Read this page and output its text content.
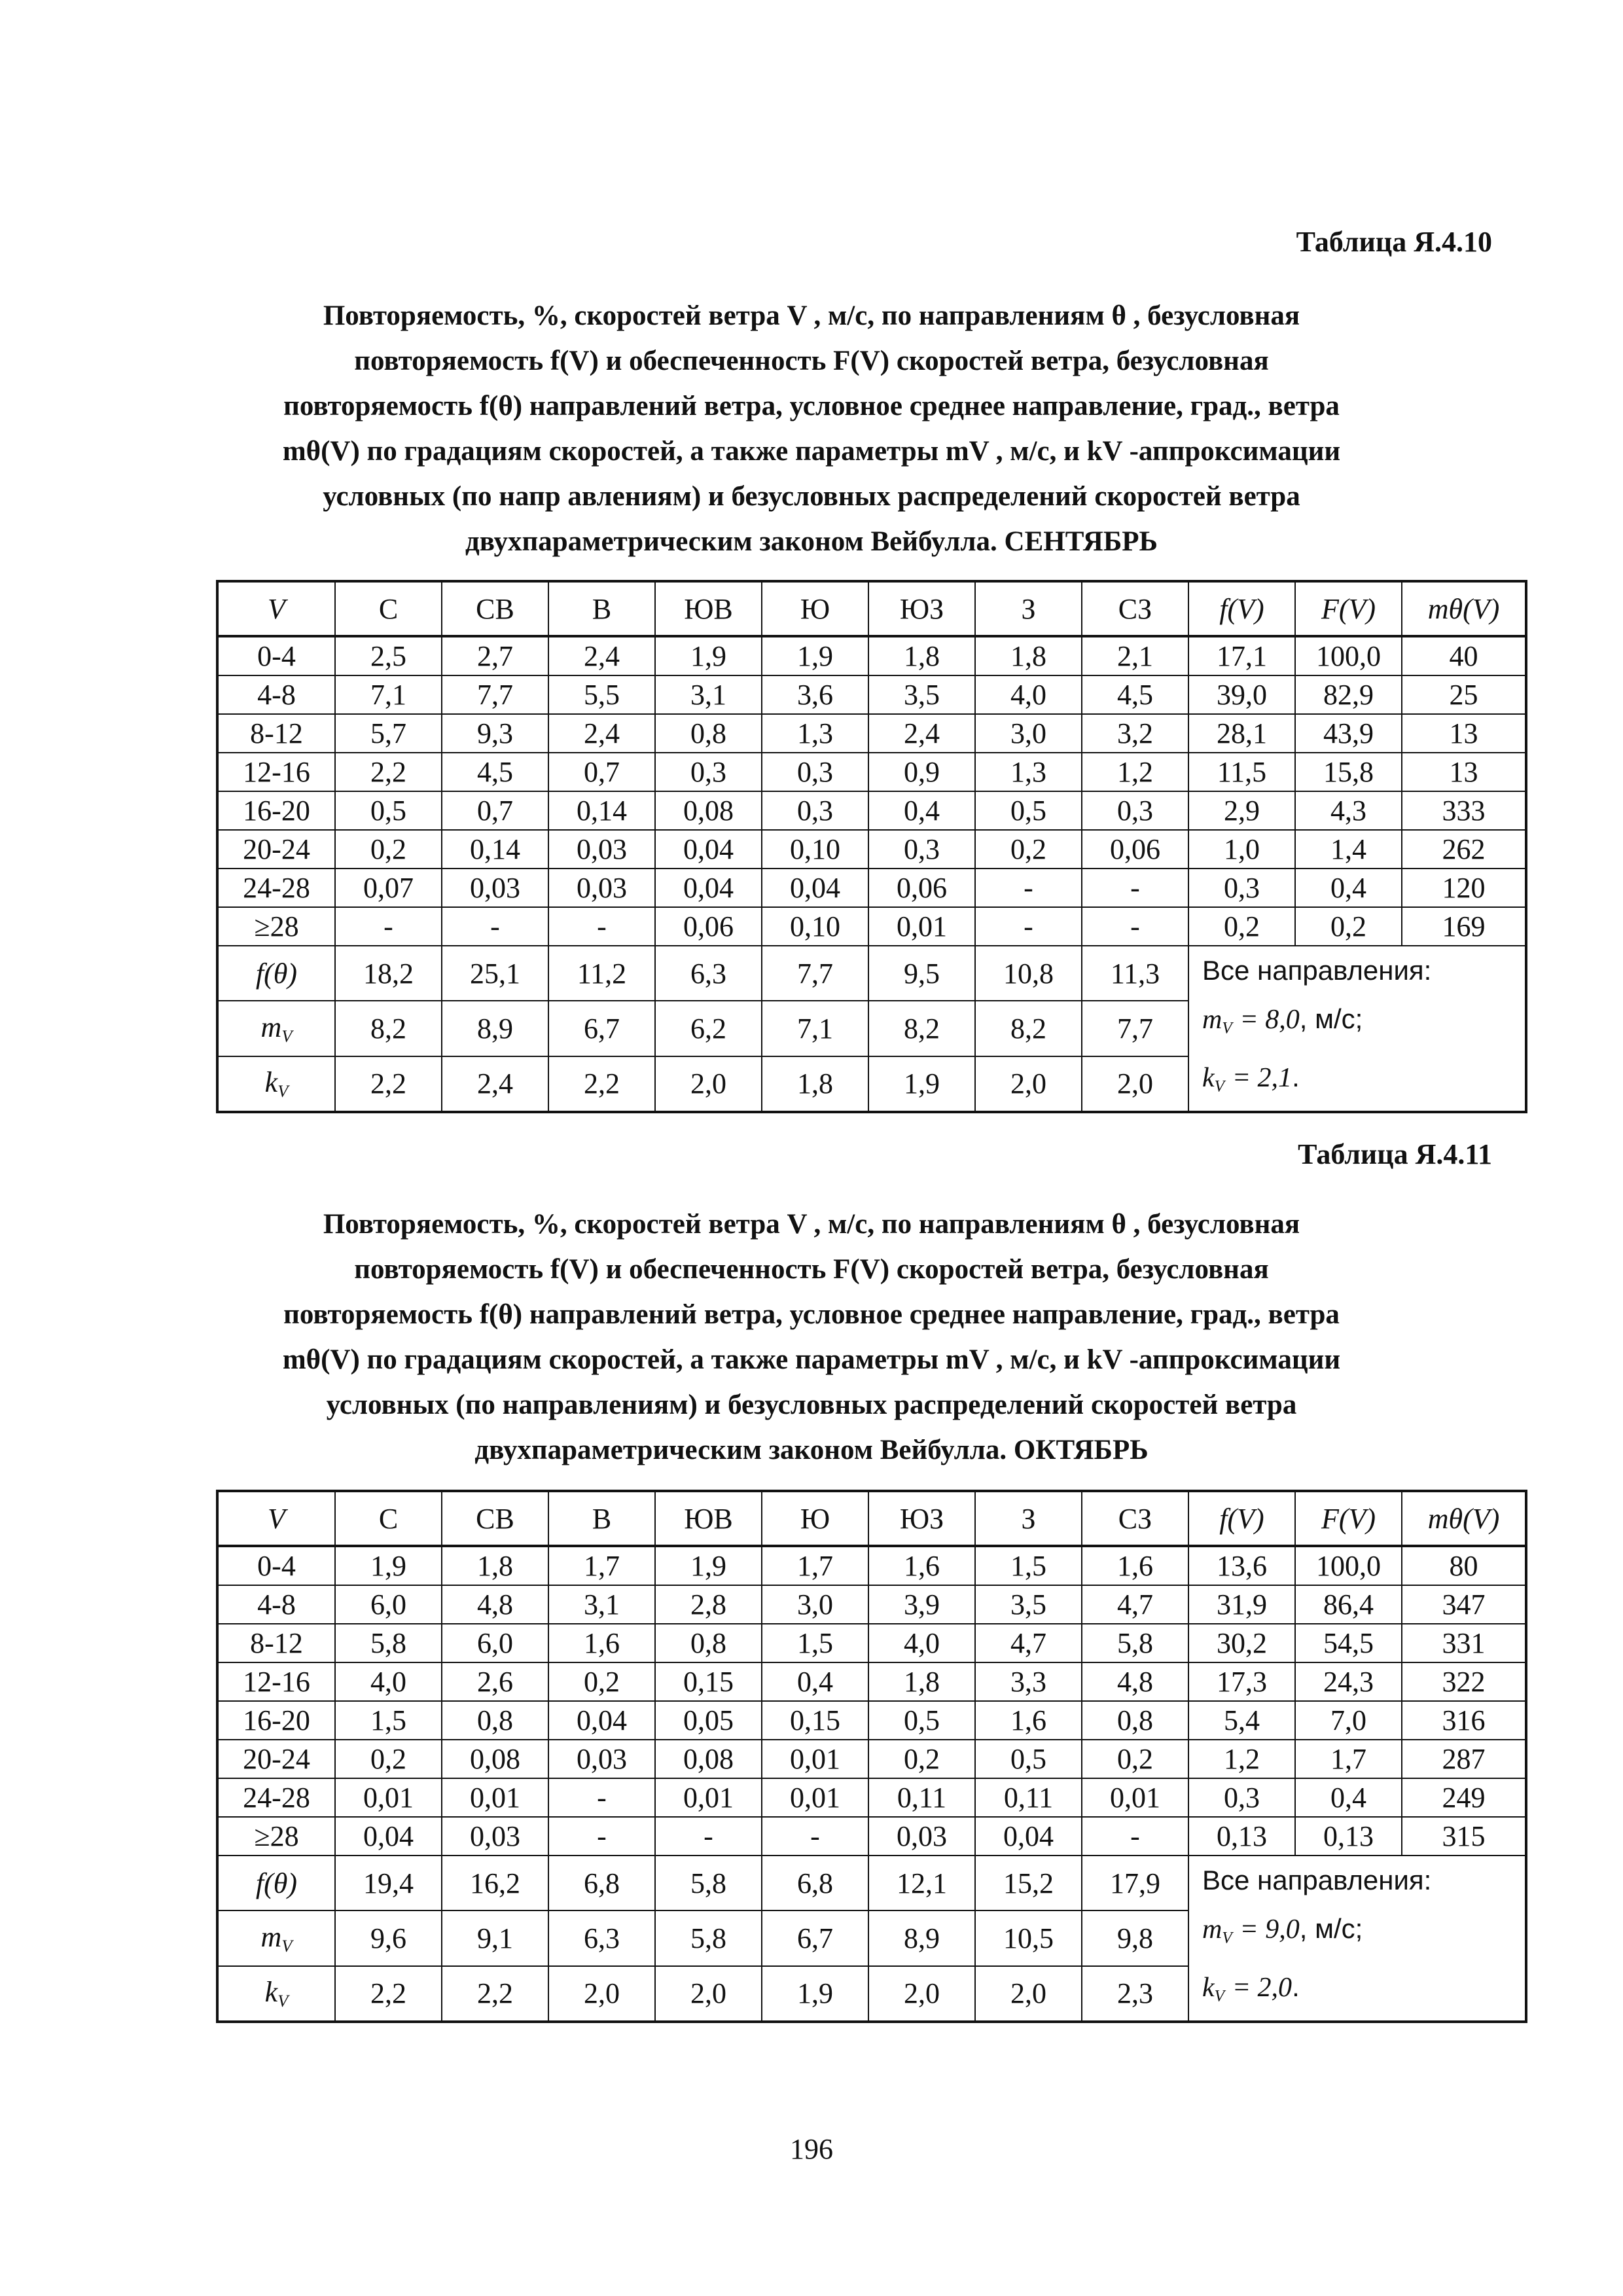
Таблица Я.4.10
Повторяемость, %, скоростей ветра V , м/с, по направлениям θ , безусловная
повторяемость f(V) и обеспеченность F(V) скоростей ветра, безусловная
повторяемость f(θ) направлений ветра, условное среднее направление, град., ветра
mθ(V) по градациям скоростей, а также параметры mV , м/с, и kV -аппроксимации
условных (по напр авлениям) и безусловных распределений скоростей ветра
двухпараметрическим законом Вейбулла. СЕНТЯБРЬ
V	С	СВ	В	ЮВ	Ю	ЮЗ	З	СЗ	f(V)	F(V)	mθ(V)
0-4	2,5	2,7	2,4	1,9	1,9	1,8	1,8	2,1	17,1	100,0	40
4-8	7,1	7,7	5,5	3,1	3,6	3,5	4,0	4,5	39,0	82,9	25
8-12	5,7	9,3	2,4	0,8	1,3	2,4	3,0	3,2	28,1	43,9	13
12-16	2,2	4,5	0,7	0,3	0,3	0,9	1,3	1,2	11,5	15,8	13
16-20	0,5	0,7	0,14	0,08	0,3	0,4	0,5	0,3	2,9	4,3	333
20-24	0,2	0,14	0,03	0,04	0,10	0,3	0,2	0,06	1,0	1,4	262
24-28	0,07	0,03	0,03	0,04	0,04	0,06	-	-	0,3	0,4	120
≥28	-	-	-	0,06	0,10	0,01	-	-	0,2	0,2	169
f(θ)	18,2	25,1	11,2	6,3	7,7	9,5	10,8	11,3	Все направления:
$m_V = 8,0$, м/с;
$k_V = 2,1$.		

$m_V$	8,2	8,9	6,7	6,2	7,1	8,2	8,2	7,7			
$k_V$	2,2	2,4	2,2	2,0	1,8	1,9	2,0	2,0			
Таблица Я.4.11
Повторяемость, %, скоростей ветра V , м/с, по направлениям θ , безусловная
повторяемость f(V) и обеспеченность F(V) скоростей ветра, безусловная
повторяемость f(θ) направлений ветра, условное среднее направление, град., ветра
mθ(V) по градациям скоростей, а также параметры mV , м/с, и kV -аппроксимации
условных (по направлениям) и безусловных распределений скоростей ветра
двухпараметрическим законом Вейбулла. ОКТЯБРЬ
V	С	СВ	В	ЮВ	Ю	ЮЗ	З	СЗ	f(V)	F(V)	mθ(V)
0-4	1,9	1,8	1,7	1,9	1,7	1,6	1,5	1,6	13,6	100,0	80
4-8	6,0	4,8	3,1	2,8	3,0	3,9	3,5	4,7	31,9	86,4	347
8-12	5,8	6,0	1,6	0,8	1,5	4,0	4,7	5,8	30,2	54,5	331
12-16	4,0	2,6	0,2	0,15	0,4	1,8	3,3	4,8	17,3	24,3	322
16-20	1,5	0,8	0,04	0,05	0,15	0,5	1,6	0,8	5,4	7,0	316
20-24	0,2	0,08	0,03	0,08	0,01	0,2	0,5	0,2	1,2	1,7	287
24-28	0,01	0,01	-	0,01	0,01	0,11	0,11	0,01	0,3	0,4	249
≥28	0,04	0,03	-	-	-	0,03	0,04	-	0,13	0,13	315
f(θ)	19,4	16,2	6,8	5,8	6,8	12,1	15,2	17,9	Все направления:
$m_V = 9,0$, м/с;
$k_V = 2,0$.		

$m_V$	9,6	9,1	6,3	5,8	6,7	8,9	10,5	9,8			
$k_V$	2,2	2,2	2,0	2,0	1,9	2,0	2,0	2,3			
196
